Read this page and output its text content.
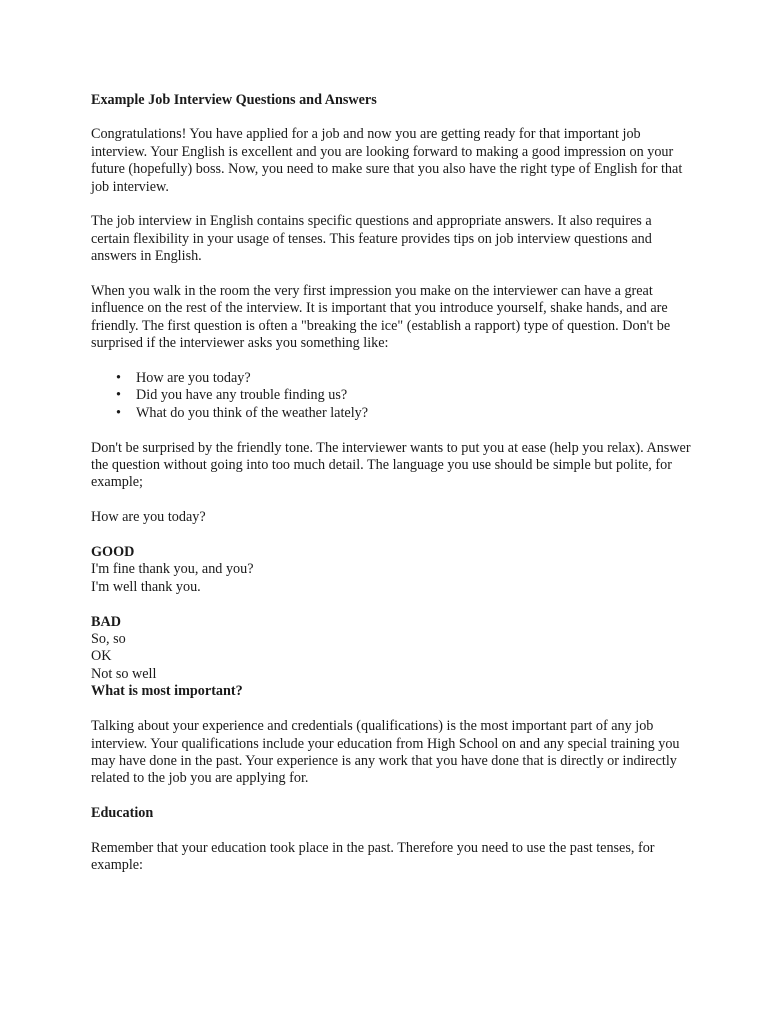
Example Job Interview Questions and Answers

Congratulations! You have applied for a job and now you are getting ready for that important job interview. Your English is excellent and you are looking forward to making a good impression on your future (hopefully) boss. Now, you need to make sure that you also have the right type of English for that job interview.

The job interview in English contains specific questions and appropriate answers. It also requires a certain flexibility in your usage of tenses. This feature provides tips on job interview questions and answers in English.

When you walk in the room the very first impression you make on the interviewer can have a great influence on the rest of the interview. It is important that you introduce yourself, shake hands, and are friendly. The first question is often a "breaking the ice" (establish a rapport) type of question. Don't be surprised if the interviewer asks you something like:

• How are you today?
• Did you have any trouble finding us?
• What do you think of the weather lately?

Don't be surprised by the friendly tone. The interviewer wants to put you at ease (help you relax). Answer the question without going into too much detail. The language you use should be simple but polite, for example;

How are you today?

GOOD
I'm fine thank you, and you?
I'm well thank you.
BAD
So, so
OK
Not so well

What is most important?

Talking about your experience and credentials (qualifications) is the most important part of any job interview. Your qualifications include your education from High School on and any special training you may have done in the past. Your experience is any work that you have done that is directly or indirectly related to the job you are applying for.

Education

Remember that your education took place in the past. Therefore you need to use the past tenses, for example:
